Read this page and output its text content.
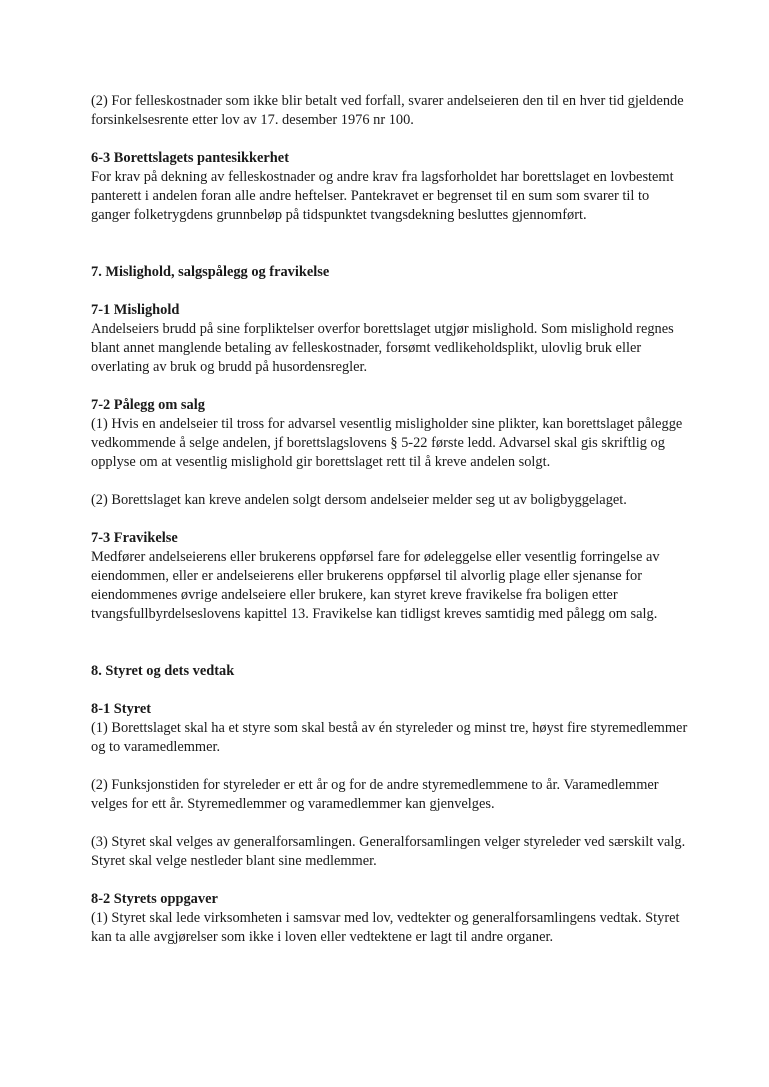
(2) For felleskostnader som ikke blir betalt ved forfall, svarer andelseieren den til en hver tid gjeldende forsinkelsesrente etter lov av 17. desember 1976 nr 100.

6-3 Borettslagets pantesikkerhet

For krav på dekning av felleskostnader og andre krav fra lagsforholdet har borettslaget en lovbestemt panterett i andelen foran alle andre heftelser. Pantekravet er begrenset til en sum som svarer til to ganger folketrygdens grunnbeløp på tidspunktet tvangsdekning besluttes gjennomført.

7. Mislighold, salgspålegg og fravikelse

7-1 Mislighold

Andelseiers brudd på sine forpliktelser overfor borettslaget utgjør mislighold. Som mislighold regnes blant annet manglende betaling av felleskostnader, forsømt vedlikeholdsplikt, ulovlig bruk eller overlating av bruk og brudd på husordensregler.

7-2 Pålegg om salg

(1) Hvis en andelseier til tross for advarsel vesentlig misligholder sine plikter, kan borettslaget pålegge vedkommende å selge andelen, jf borettslagslovens § 5-22 første ledd. Advarsel skal gis skriftlig og opplyse om at vesentlig mislighold gir borettslaget rett til å kreve andelen solgt.

(2) Borettslaget kan kreve andelen solgt dersom andelseier melder seg ut av boligbyggelaget.

7-3 Fravikelse

Medfører andelseierens eller brukerens oppførsel fare for ødeleggelse eller vesentlig forringelse av eiendommen, eller er andelseierens eller brukerens oppførsel til alvorlig plage eller sjenanse for eiendommenes øvrige andelseiere eller brukere, kan styret kreve fravikelse fra boligen etter tvangsfullbyrdelseslovens kapittel 13. Fravikelse kan tidligst kreves samtidig med pålegg om salg.

8. Styret og dets vedtak

8-1 Styret

(1) Borettslaget skal ha et styre som skal bestå av én styreleder og minst tre, høyst fire styremedlemmer og to varamedlemmer.

(2) Funksjonstiden for styreleder er ett år og for de andre styremedlemmene to år. Varamedlemmer velges for ett år. Styremedlemmer og varamedlemmer kan gjenvelges.

(3) Styret skal velges av generalforsamlingen. Generalforsamlingen velger styreleder ved særskilt valg. Styret skal velge nestleder blant sine medlemmer.

8-2 Styrets oppgaver

(1) Styret skal lede virksomheten i samsvar med lov, vedtekter og generalforsamlingens vedtak. Styret kan ta alle avgjørelser som ikke i loven eller vedtektene er lagt til andre organer.
